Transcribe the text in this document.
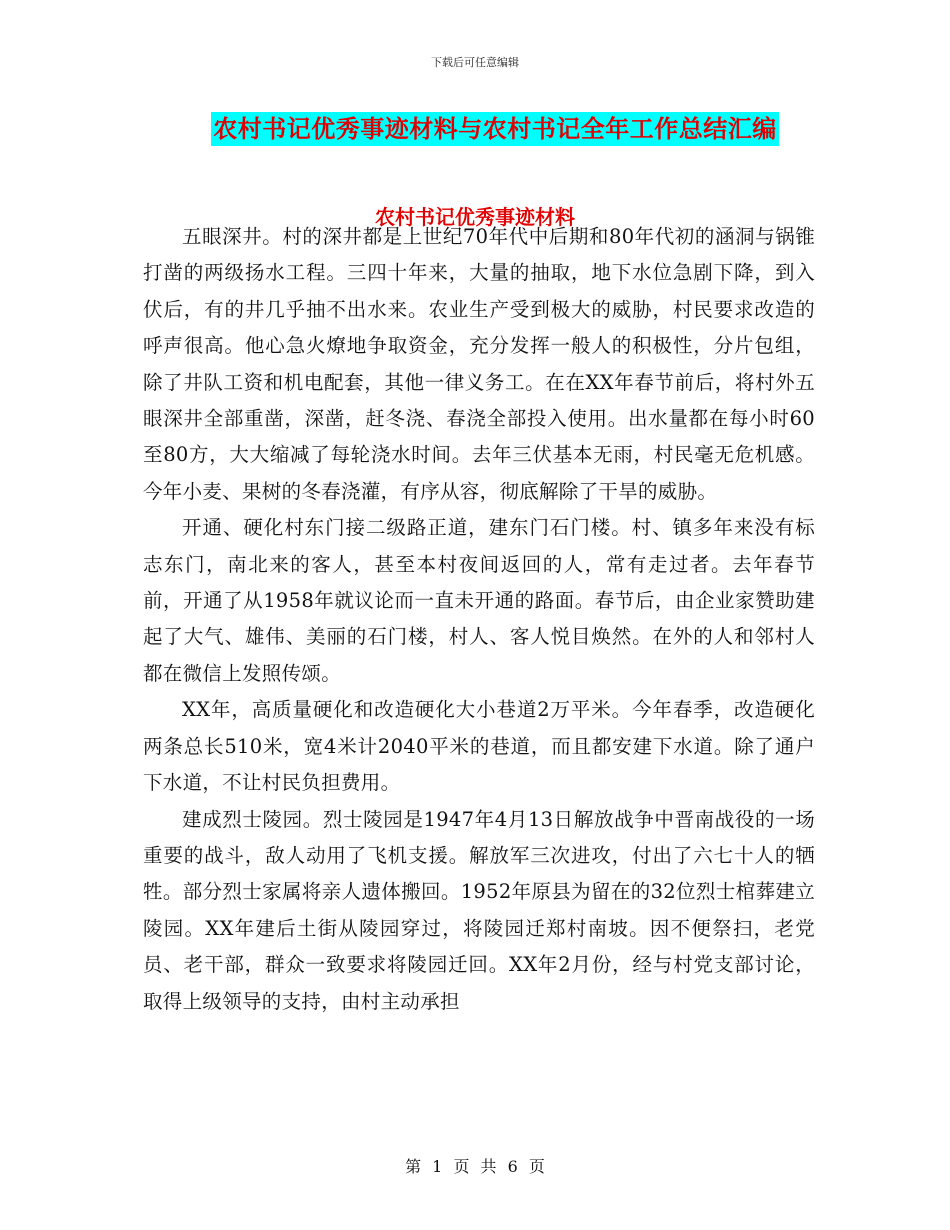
下载后可任意编辑
农村书记优秀事迹材料与农村书记全年工作总结汇编
农村书记优秀事迹材料

五眼深井。村的深井都是上世纪70年代中后期和80年代初的涵洞与锅锥打凿的两级扬水工程。三四十年来，大量的抽取，地下水位急剧下降，到入伏后，有的井几乎抽不出水来。农业生产受到极大的威胁，村民要求改造的呼声很高。他心急火燎地争取资金，充分发挥一般人的积极性，分片包组，除了井队工资和机电配套，其他一律义务工。在在XX年春节前后，将村外五眼深井全部重凿，深凿，赶冬浇、春浇全部投入使用。出水量都在每小时60至80方，大大缩减了每轮浇水时间。去年三伏基本无雨，村民毫无危机感。今年小麦、果树的冬春浇灌，有序从容，彻底解除了干旱的威胁。

开通、硬化村东门接二级路正道，建东门石门楼。村、镇多年来没有标志东门，南北来的客人，甚至本村夜间返回的人，常有走过者。去年春节前，开通了从1958年就议论而一直未开通的路面。春节后，由企业家赞助建起了大气、雄伟、美丽的石门楼，村人、客人悦目焕然。在外的人和邻村人都在微信上发照传颂。

XX年，高质量硬化和改造硬化大小巷道2万平米。今年春季，改造硬化两条总长510米，宽4米计2040平米的巷道，而且都安建下水道。除了通户下水道，不让村民负担费用。

建成烈士陵园。烈士陵园是1947年4月13日解放战争中晋南战役的一场重要的战斗，敌人动用了飞机支援。解放军三次进攻，付出了六七十人的牺牲。部分烈士家属将亲人遗体搬回。1952年原县为留在的32位烈士棺葬建立陵园。XX年建后土街从陵园穿过，将陵园迁郑村南坡。因不便祭扫，老党员、老干部，群众一致要求将陵园迁回。XX年2月份，经与村党支部讨论，取得上级领导的支持，由村主动承担

第 1 页 共 6 页
